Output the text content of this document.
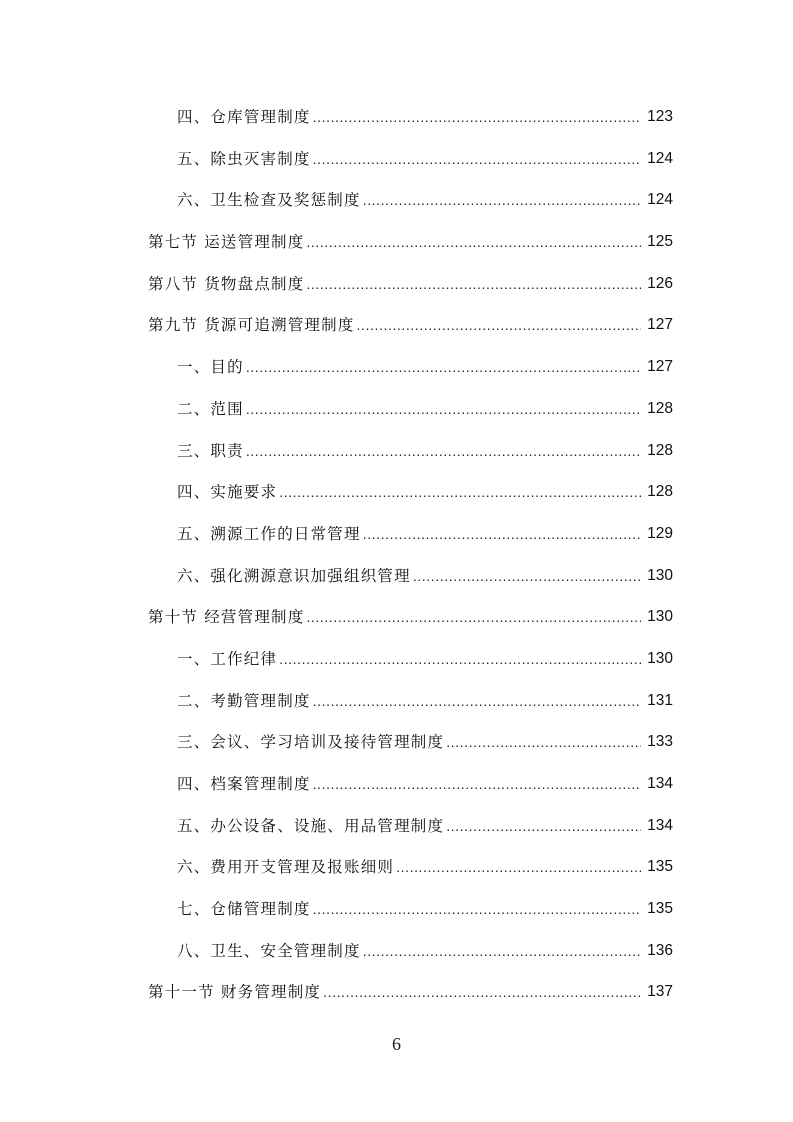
四、仓库管理制度 .....	123
五、除虫灭害制度 .....	124
六、卫生检查及奖惩制度 .....	124
第七节 运送管理制度 .....	125
第八节 货物盘点制度 .....	126
第九节 货源可追溯管理制度 .....	127
一、目的 .....	127
二、范围 .....	128
三、职责 .....	128
四、实施要求 .....	128
五、溯源工作的日常管理 .....	129
六、强化溯源意识加强组织管理 .....	130
第十节 经营管理制度 .....	130
一、工作纪律 .....	130
二、考勤管理制度 .....	131
三、会议、学习培训及接待管理制度 .....	133
四、档案管理制度 .....	134
五、办公设备、设施、用品管理制度 .....	134
六、费用开支管理及报账细则 .....	135
七、仓储管理制度 .....	135
八、卫生、安全管理制度 .....	136
第十一节 财务管理制度 .....	137
6
